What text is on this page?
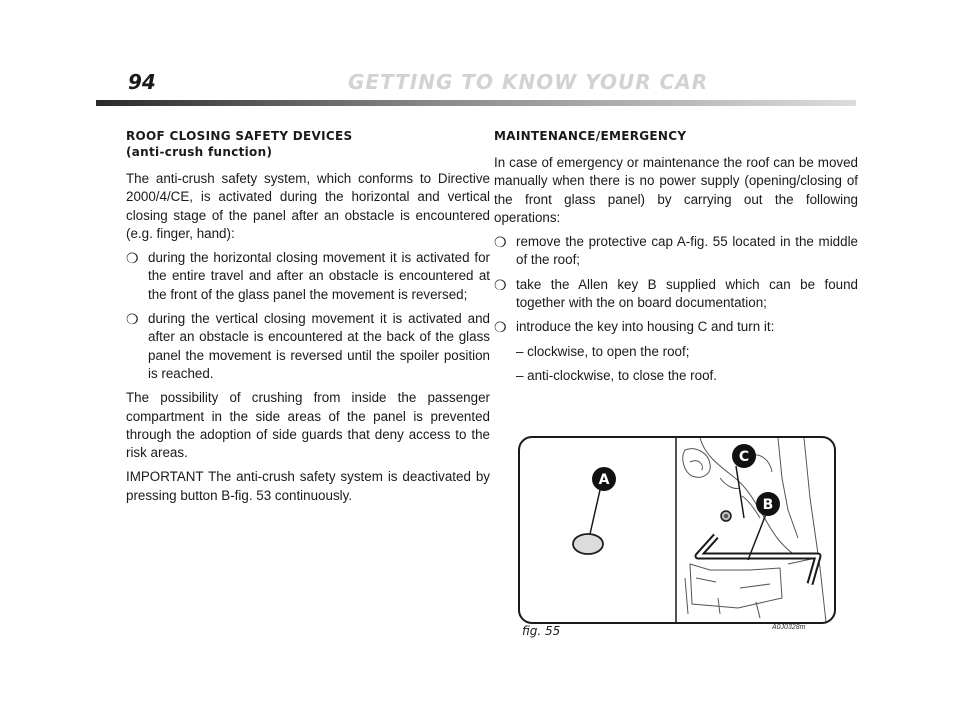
94	GETTING TO KNOW YOUR CAR
ROOF CLOSING SAFETY DEVICES
(anti-crush function)

The anti-crush safety system, which conforms to Directive 2000/4/CE, is activated during the horizontal and vertical closing stage of the panel after an obstacle is encountered (e.g. finger, hand):

❍ during the horizontal closing movement it is activated for the entire travel and after an obstacle is encountered at the front of the glass panel the movement is reversed;
❍ during the vertical closing movement it is activated and after an obstacle is encountered at the back of the glass panel the movement is reversed until the spoiler position is reached.

The possibility of crushing from inside the passenger compartment in the side areas of the panel is prevented through the adoption of side guards that deny access to the risk areas.

IMPORTANT The anti-crush safety system is deactivated by pressing button B-fig. 53 continuously.

MAINTENANCE/EMERGENCY

In case of emergency or maintenance the roof can be moved manually when there is no power supply (opening/closing of the front glass panel) by carrying out the following operations:

❍ remove the protective cap A-fig. 55 located in the middle of the roof;
❍ take the Allen key B supplied which can be found together with the on board documentation;
❍ introduce the key into housing C and turn it:
– clockwise, to open the roof;
– anti-clockwise, to close the roof.
A
C
B
fig. 55	A0J0328m
